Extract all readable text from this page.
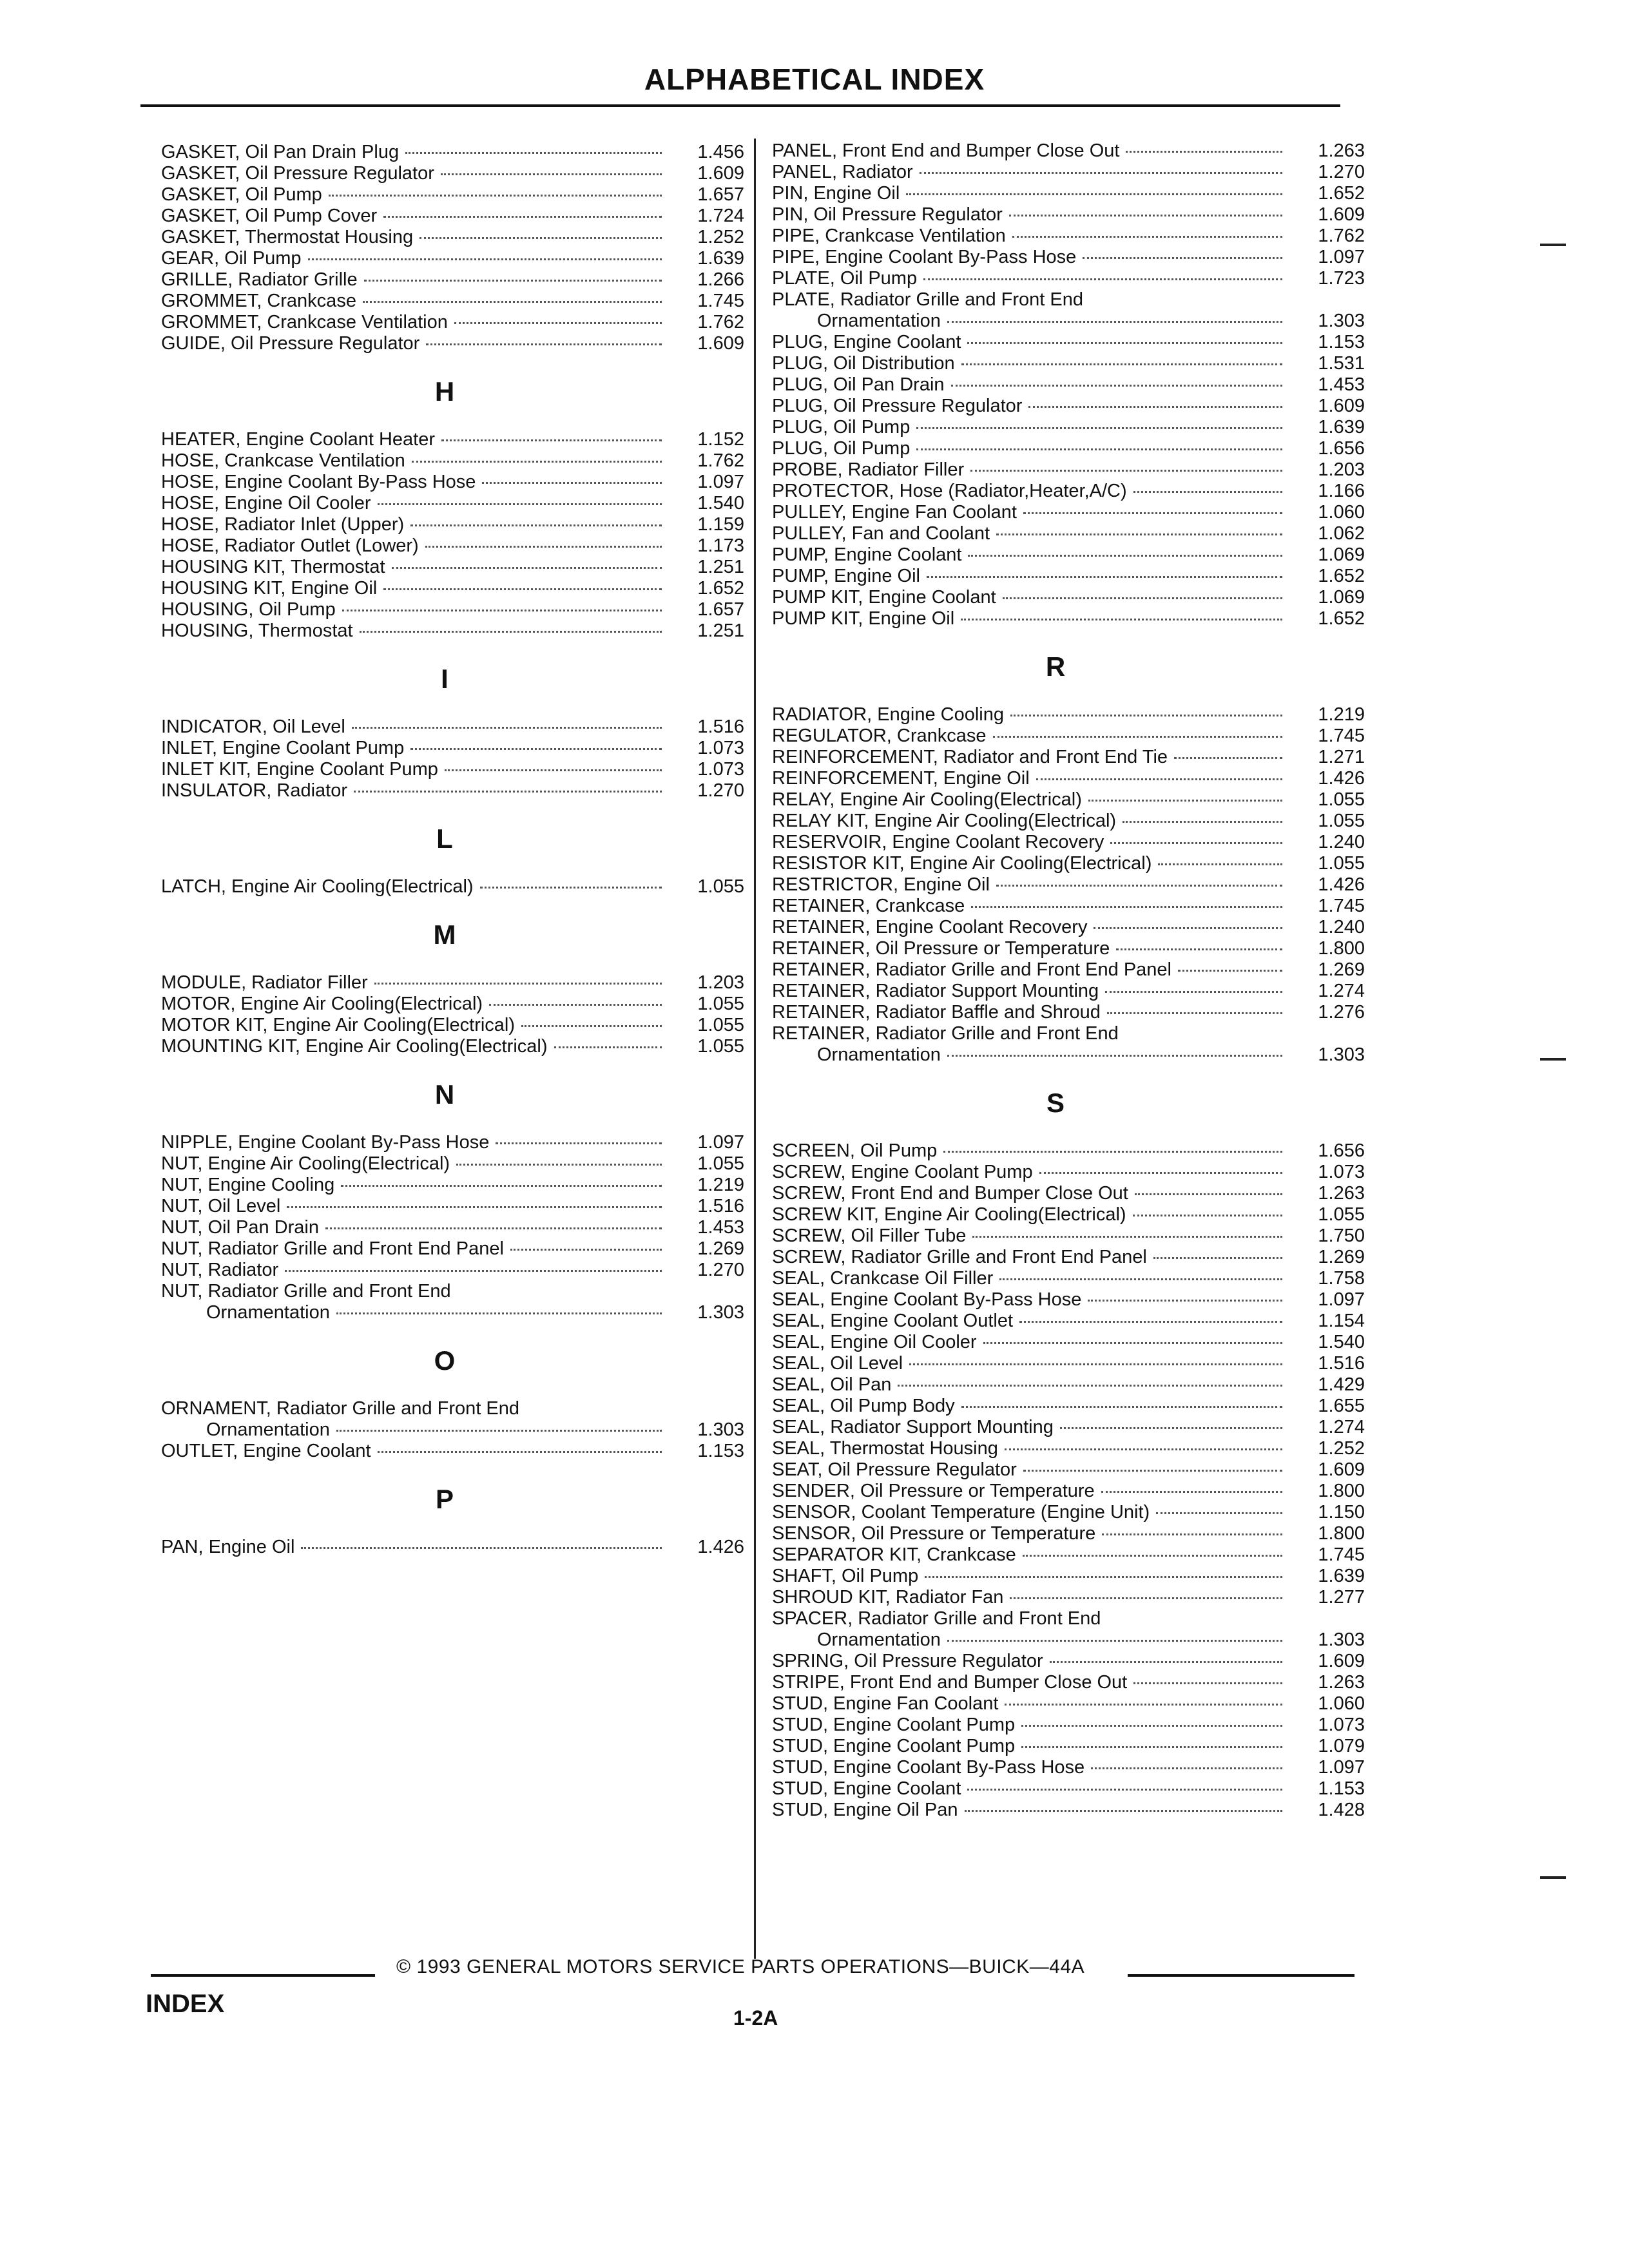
ALPHABETICAL INDEX
GASKET, Oil Pan Drain Plug	1.456
GASKET, Oil Pressure Regulator	1.609
GASKET, Oil Pump	1.657
GASKET, Oil Pump Cover	1.724
GASKET, Thermostat Housing	1.252
GEAR, Oil Pump	1.639
GRILLE, Radiator Grille	1.266
GROMMET, Crankcase	1.745
GROMMET, Crankcase Ventilation	1.762
GUIDE, Oil Pressure Regulator	1.609
H
HEATER, Engine Coolant Heater	1.152
HOSE, Crankcase Ventilation	1.762
HOSE, Engine Coolant By-Pass Hose	1.097
HOSE, Engine Oil Cooler	1.540
HOSE, Radiator Inlet (Upper)	1.159
HOSE, Radiator Outlet (Lower)	1.173
HOUSING KIT, Thermostat	1.251
HOUSING KIT, Engine Oil	1.652
HOUSING, Oil Pump	1.657
HOUSING, Thermostat	1.251
I
INDICATOR, Oil Level	1.516
INLET, Engine Coolant Pump	1.073
INLET KIT, Engine Coolant Pump	1.073
INSULATOR, Radiator	1.270
L
LATCH, Engine Air Cooling(Electrical)	1.055
M
MODULE, Radiator Filler	1.203
MOTOR, Engine Air Cooling(Electrical)	1.055
MOTOR KIT, Engine Air Cooling(Electrical)	1.055
MOUNTING KIT, Engine Air Cooling(Electrical)	1.055
N
NIPPLE, Engine Coolant By-Pass Hose	1.097
NUT, Engine Air Cooling(Electrical)	1.055
NUT, Engine Cooling	1.219
NUT, Oil Level	1.516
NUT, Oil Pan Drain	1.453
NUT, Radiator Grille and Front End Panel	1.269
NUT, Radiator	1.270
NUT, Radiator Grille and Front End
Ornamentation	1.303
O
ORNAMENT, Radiator Grille and Front End
Ornamentation	1.303
OUTLET, Engine Coolant	1.153
P
PAN, Engine Oil	1.426
PANEL, Front End and Bumper Close Out	1.263
PANEL, Radiator	1.270
PIN, Engine Oil	1.652
PIN, Oil Pressure Regulator	1.609
PIPE, Crankcase Ventilation	1.762
PIPE, Engine Coolant By-Pass Hose	1.097
PLATE, Oil Pump	1.723
PLATE, Radiator Grille and Front End
Ornamentation	1.303
PLUG, Engine Coolant	1.153
PLUG, Oil Distribution	1.531
PLUG, Oil Pan Drain	1.453
PLUG, Oil Pressure Regulator	1.609
PLUG, Oil Pump	1.639
PLUG, Oil Pump	1.656
PROBE, Radiator Filler	1.203
PROTECTOR, Hose (Radiator,Heater,A/C)	1.166
PULLEY, Engine Fan Coolant	1.060
PULLEY, Fan and Coolant	1.062
PUMP, Engine Coolant	1.069
PUMP, Engine Oil	1.652
PUMP KIT, Engine Coolant	1.069
PUMP KIT, Engine Oil	1.652
R
RADIATOR, Engine Cooling	1.219
REGULATOR, Crankcase	1.745
REINFORCEMENT, Radiator and Front End Tie	1.271
REINFORCEMENT, Engine Oil	1.426
RELAY, Engine Air Cooling(Electrical)	1.055
RELAY KIT, Engine Air Cooling(Electrical)	1.055
RESERVOIR, Engine Coolant Recovery	1.240
RESISTOR KIT, Engine Air Cooling(Electrical)	1.055
RESTRICTOR, Engine Oil	1.426
RETAINER, Crankcase	1.745
RETAINER, Engine Coolant Recovery	1.240
RETAINER, Oil Pressure or Temperature	1.800
RETAINER, Radiator Grille and Front End Panel	1.269
RETAINER, Radiator Support Mounting	1.274
RETAINER, Radiator Baffle and Shroud	1.276
RETAINER, Radiator Grille and Front End
Ornamentation	1.303
S
SCREEN, Oil Pump	1.656
SCREW, Engine Coolant Pump	1.073
SCREW, Front End and Bumper Close Out	1.263
SCREW KIT, Engine Air Cooling(Electrical)	1.055
SCREW, Oil Filler Tube	1.750
SCREW, Radiator Grille and Front End Panel	1.269
SEAL, Crankcase Oil Filler	1.758
SEAL, Engine Coolant By-Pass Hose	1.097
SEAL, Engine Coolant Outlet	1.154
SEAL, Engine Oil Cooler	1.540
SEAL, Oil Level	1.516
SEAL, Oil Pan	1.429
SEAL, Oil Pump Body	1.655
SEAL, Radiator Support Mounting	1.274
SEAL, Thermostat Housing	1.252
SEAT, Oil Pressure Regulator	1.609
SENDER, Oil Pressure or Temperature	1.800
SENSOR, Coolant Temperature (Engine Unit)	1.150
SENSOR, Oil Pressure or Temperature	1.800
SEPARATOR KIT, Crankcase	1.745
SHAFT, Oil Pump	1.639
SHROUD KIT, Radiator Fan	1.277
SPACER, Radiator Grille and Front End
Ornamentation	1.303
SPRING, Oil Pressure Regulator	1.609
STRIPE, Front End and Bumper Close Out	1.263
STUD, Engine Fan Coolant	1.060
STUD, Engine Coolant Pump	1.073
STUD, Engine Coolant Pump	1.079
STUD, Engine Coolant By-Pass Hose	1.097
STUD, Engine Coolant	1.153
STUD, Engine Oil Pan	1.428
© 1993 GENERAL MOTORS SERVICE PARTS OPERATIONS—BUICK—44A
INDEX	1-2A
